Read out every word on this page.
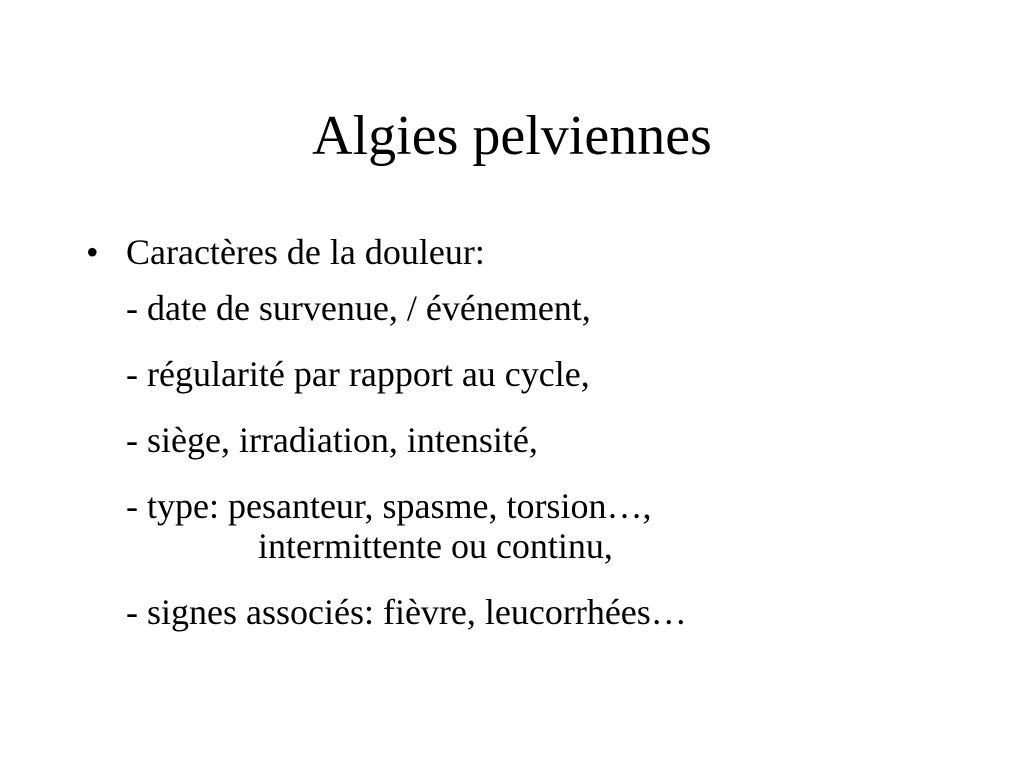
Algies pelviennes
• Caractères de la douleur:
- date de survenue, / événement,
- régularité par rapport au cycle,
- siège, irradiation, intensité,
- type: pesanteur, spasme, torsion…,
intermittente ou continu,
- signes associés: fièvre, leucorrhées…
